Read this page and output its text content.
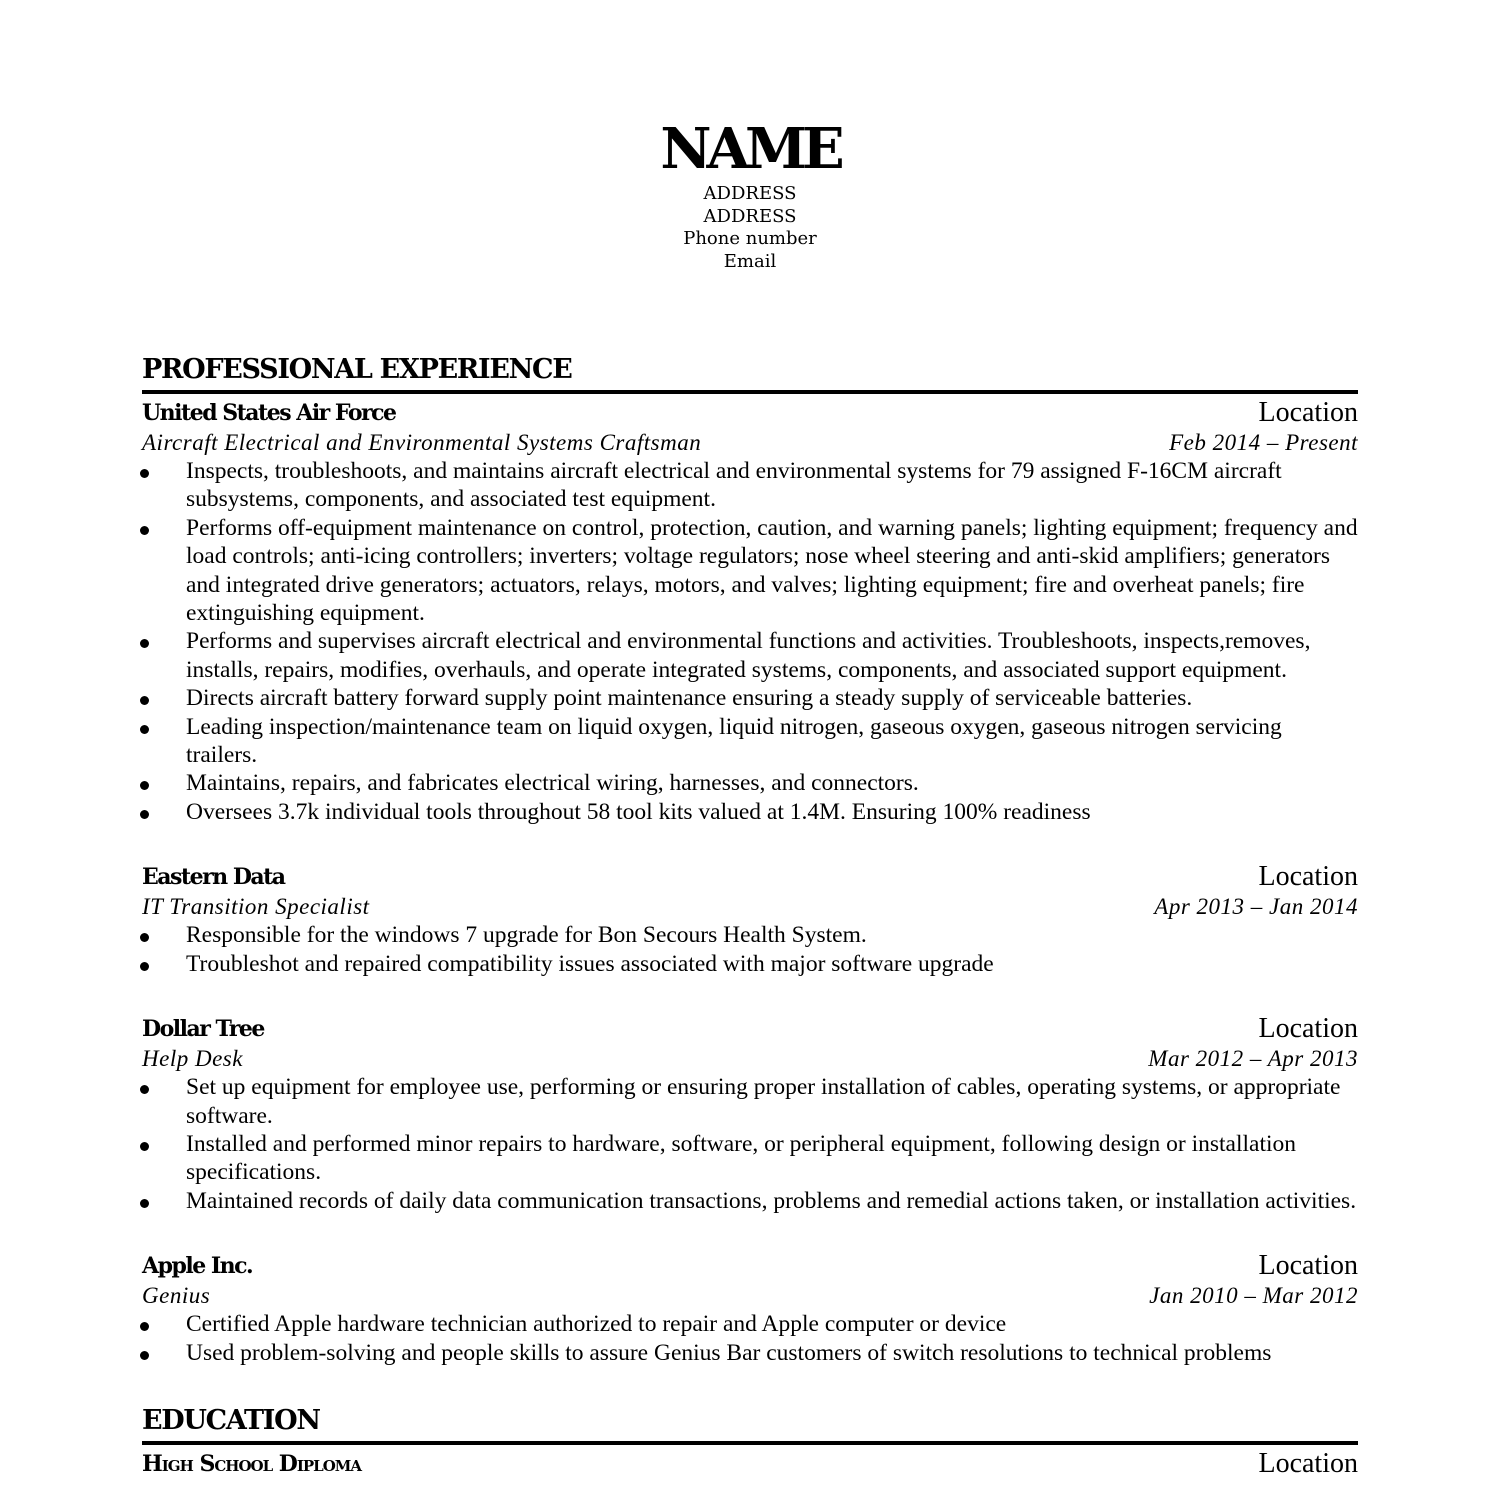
NAME
ADDRESS
ADDRESS
Phone number
Email
PROFESSIONAL EXPERIENCE
United States Air Force	Location
Aircraft Electrical and Environmental Systems Craftsman	Feb 2014 – Present
Inspects, troubleshoots, and maintains aircraft electrical and environmental systems for 79 assigned F-16CM aircraft subsystems, components, and associated test equipment.
Performs off-equipment maintenance on control, protection, caution, and warning panels; lighting equipment; frequency and load controls; anti-icing controllers; inverters; voltage regulators; nose wheel steering and anti-skid amplifiers; generators and integrated drive generators; actuators, relays, motors, and valves; lighting equipment; fire and overheat panels; fire extinguishing equipment.
Performs and supervises aircraft electrical and environmental functions and activities. Troubleshoots, inspects,removes, installs, repairs, modifies, overhauls, and operate integrated systems, components, and associated support equipment.
Directs aircraft battery forward supply point maintenance ensuring a steady supply of serviceable batteries.
Leading inspection/maintenance team on liquid oxygen, liquid nitrogen, gaseous oxygen, gaseous nitrogen servicing trailers.
Maintains, repairs, and fabricates electrical wiring, harnesses, and connectors.
Oversees 3.7k individual tools throughout 58 tool kits valued at 1.4M. Ensuring 100% readiness
Eastern Data	Location
IT Transition Specialist	Apr 2013 – Jan 2014
Responsible for the windows 7 upgrade for Bon Secours Health System.
Troubleshot and repaired compatibility issues associated with major software upgrade
Dollar Tree	Location
Help Desk	Mar 2012 – Apr 2013
Set up equipment for employee use, performing or ensuring proper installation of cables, operating systems, or appropriate software.
Installed and performed minor repairs to hardware, software, or peripheral equipment, following design or installation specifications.
Maintained records of daily data communication transactions, problems and remedial actions taken, or installation activities.
Apple Inc.	Location
Genius	Jan 2010 – Mar 2012
Certified Apple hardware technician authorized to repair and Apple computer or device
Used problem-solving and people skills to assure Genius Bar customers of switch resolutions to technical problems
EDUCATION
High School Diploma	Location
